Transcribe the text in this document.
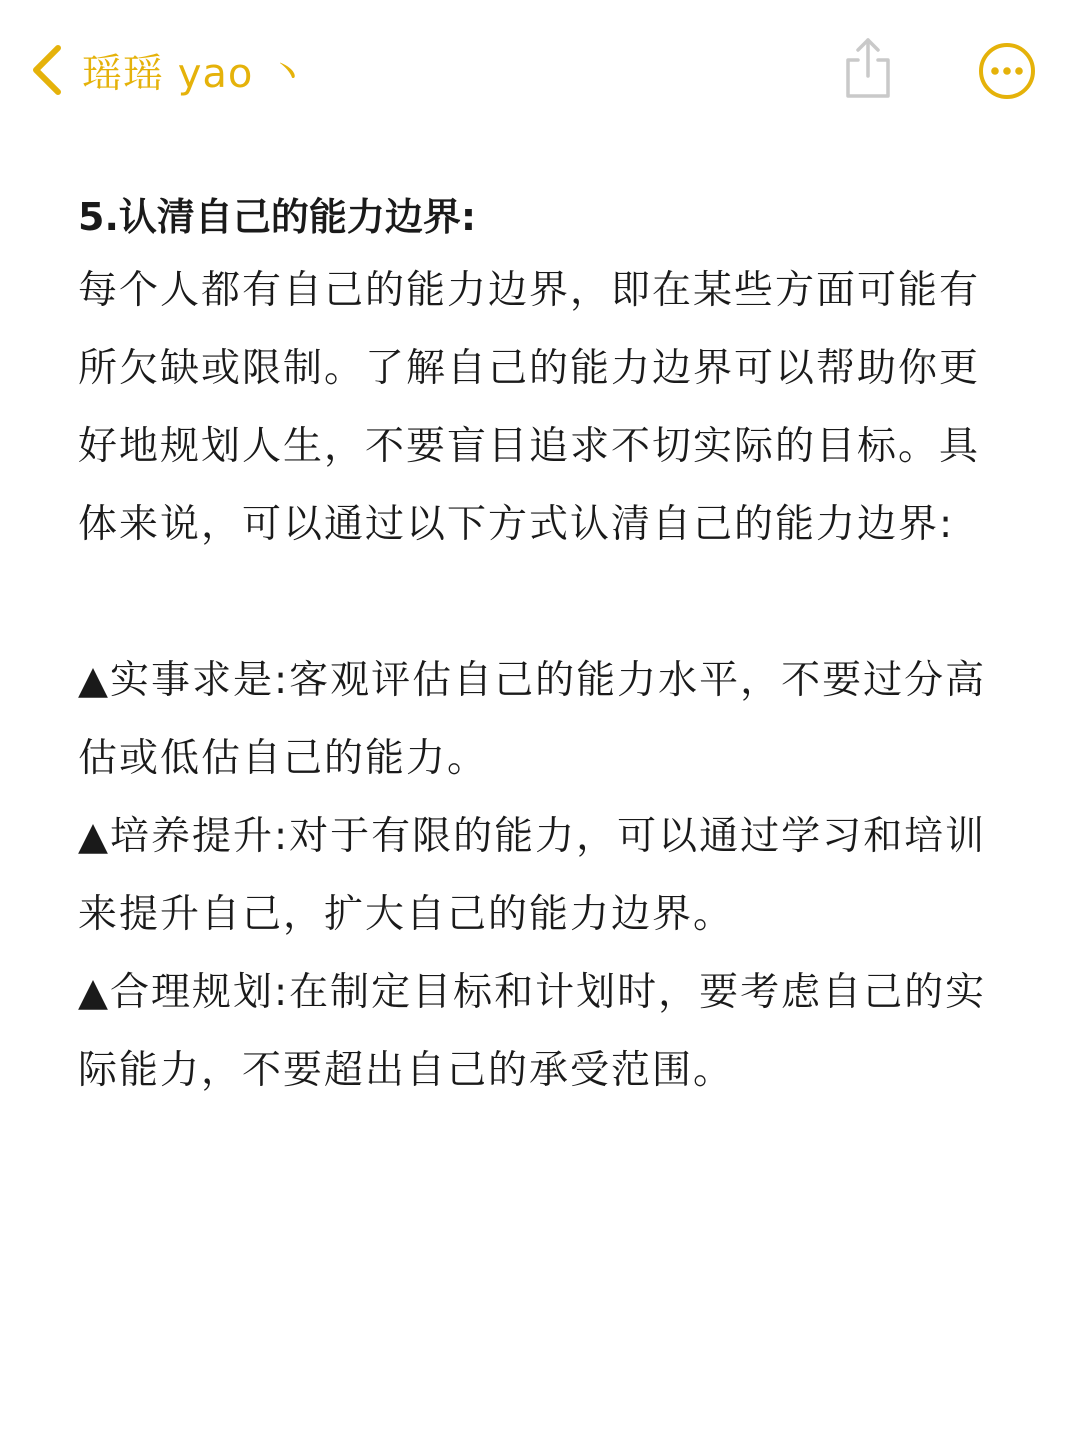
瑶瑶 yao 丶

5.认清自己的能力边界:

每个人都有自己的能力边界，即在某些方面可能有所欠缺或限制。了解自己的能力边界可以帮助你更好地规划人生，不要盲目追求不切实际的目标。具体来说，可以通过以下方式认清自己的能力边界:

▲实事求是:客观评估自己的能力水平，不要过分高估或低估自己的能力。

▲培养提升:对于有限的能力，可以通过学习和培训来提升自己，扩大自己的能力边界。

▲合理规划:在制定目标和计划时，要考虑自己的实际能力，不要超出自己的承受范围。
